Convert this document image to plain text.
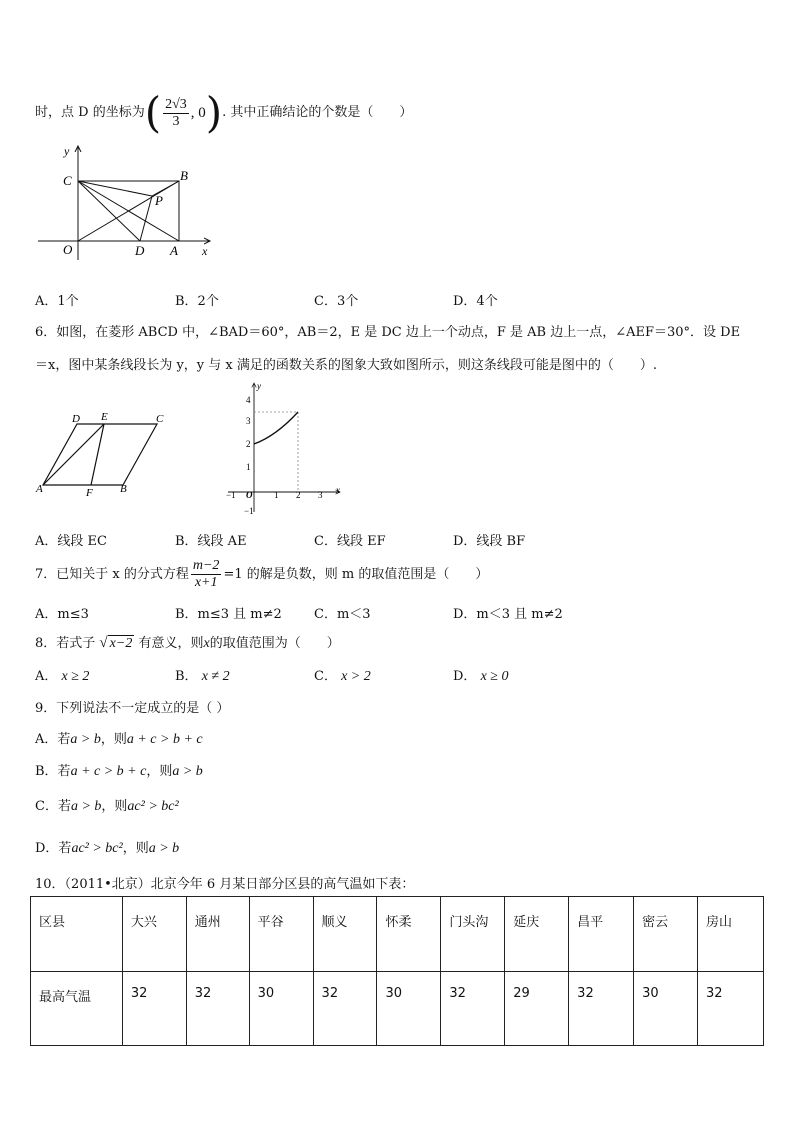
时，点 D 的坐标为( $\frac{2√3}{3}$ , 0). 其中正确结论的个数是（　　）
y
C	B
P
O	D A x
A．1个	B．2个	C．3个	D．4个
6．如图，在菱形 ABCD 中，∠BAD＝60°，AB＝2，E 是 DC 边上一个动点，F 是 AB 边上一点，∠AEF＝30°．设 DE
＝x，图中某条线段长为 y，y 与 x 满足的函数关系的图象大致如图所示，则这条线段可能是图中的（　　）.
D E	C
A	F B
y
x
4
3
2
1
−1
−1 O 1 2 3
A．线段 EC	B．线段 AE	C．线段 EF	D．线段 BF
7．已知关于 x 的分式方程 $\frac{m-2}{x+1} =1$ 的解是负数，则 m 的取值范围是（　　）
A．m≤3	B．m≤3 且 m≠2 C．m＜3	D．m＜3 且 m≠2
8．若式子 √ x−2 有意义，则x的取值范围为（　　）
A． x ≥ 2	B． x ≠ 2	C． x > 2	D． x ≥ 0
9．下列说法不一定成立的是（ ）
A．若a > b，则a + c > b + c
B．若a + c > b + c，则a > b
C．若a > b，则ac² > bc²
D．若ac² > bc²，则a > b
10．（2011•北京）北京今年 6 月某日部分区县的高气温如下表：
区县	大兴	通州	平谷	顺义	怀柔	门头沟	延庆	昌平	密云	房山
最高气温	32	32	30	32	30	32	29	32	30	32
